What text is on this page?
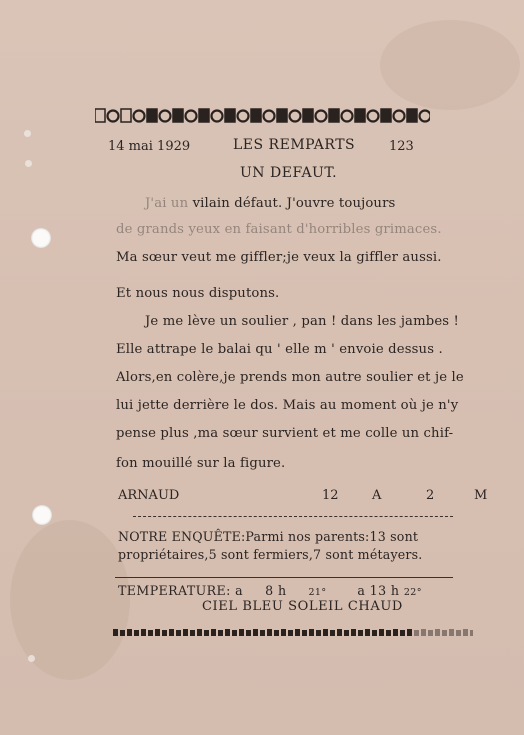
14 mai 1929	LES REMPARTS	123
UN DEFAUT.
J'ai un vilain défaut. J'ouvre toujours
de grands yeux en faisant d'horribles grimaces.
Ma sœur veut me giffler;je veux la giffler aussi.
Et nous nous disputons.
Je me lève un soulier , pan ! dans les jambes !
Elle attrape le balai qu ' elle m ' envoie dessus .
Alors,en colère,je prends mon autre soulier et je le
lui jette derrière le dos. Mais au moment où je n'y
pense plus ,ma sœur survient et me colle un chif-
fon mouillé sur la figure.
ARNAUD	12	A	2	M
NOTRE ENQUÊTE:Parmi nos parents:13 sont
propriétaires,5 sont fermiers,7 sont métayers.
TEMPERATURE: a 8 h 21° a 13 h 22°
CIEL BLEU SOLEIL CHAUD
